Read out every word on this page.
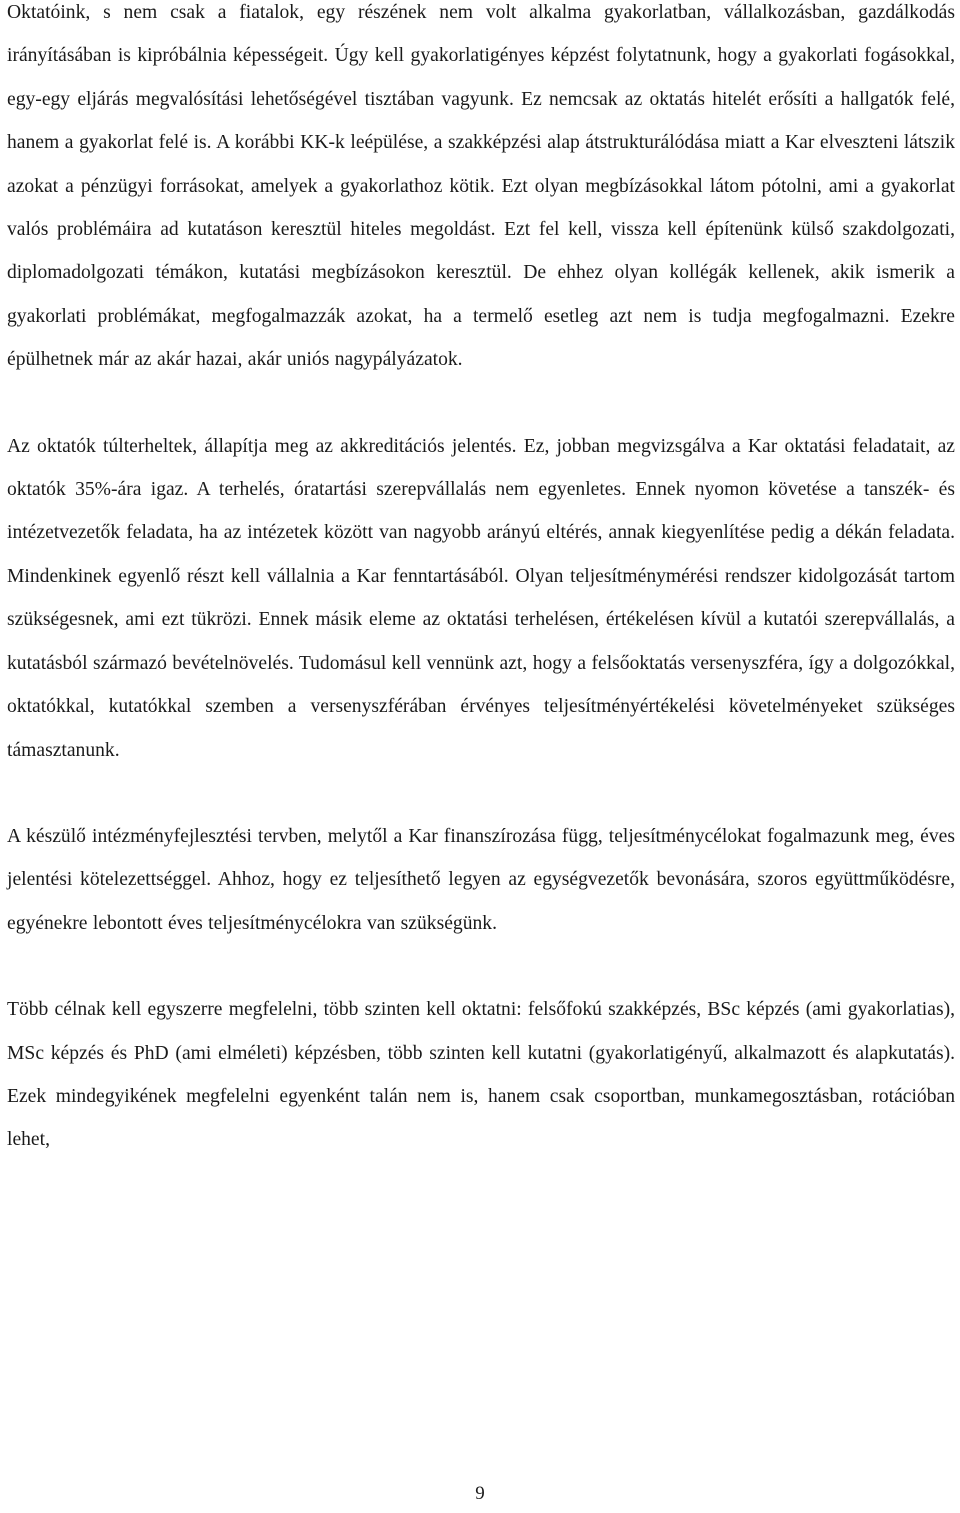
Oktatóink, s nem csak a fiatalok, egy részének nem volt alkalma gyakorlatban, vállalkozásban, gazdálkodás irányításában is kipróbálnia képességeit. Úgy kell gyakorlatigényes képzést folytatnunk, hogy a gyakorlati fogásokkal, egy-egy eljárás megvalósítási lehetőségével tisztában vagyunk. Ez nemcsak az oktatás hitelét erősíti a hallgatók felé, hanem a gyakorlat felé is. A korábbi KK-k leépülése, a szakképzési alap átstrukturálódása miatt a Kar elveszteni látszik azokat a pénzügyi forrásokat, amelyek a gyakorlathoz kötik. Ezt olyan megbízásokkal látom pótolni, ami a gyakorlat valós problémáira ad kutatáson keresztül hiteles megoldást. Ezt fel kell, vissza kell építenünk külső szakdolgozati, diplomadolgozati témákon, kutatási megbízásokon keresztül. De ehhez olyan kollégák kellenek, akik ismerik a gyakorlati problémákat, megfogalmazzák azokat, ha a termelő esetleg azt nem is tudja megfogalmazni. Ezekre épülhetnek már az akár hazai, akár uniós nagypályázatok.

Az oktatók túlterheltek, állapítja meg az akkreditációs jelentés. Ez, jobban megvizsgálva a Kar oktatási feladatait, az oktatók 35%-ára igaz. A terhelés, óratartási szerepvállalás nem egyenletes. Ennek nyomon követése a tanszék- és intézetvezetők feladata, ha az intézetek között van nagyobb arányú eltérés, annak kiegyenlítése pedig a dékán feladata. Mindenkinek egyenlő részt kell vállalnia a Kar fenntartásából. Olyan teljesítménymérési rendszer kidolgozását tartom szükségesnek, ami ezt tükrözi. Ennek másik eleme az oktatási terhelésen, értékelésen kívül a kutatói szerepvállalás, a kutatásból származó bevételnövelés. Tudomásul kell vennünk azt, hogy a felsőoktatás versenyszféra, így a dolgozókkal, oktatókkal, kutatókkal szemben a versenyszférában érvényes teljesítményértékelési követelményeket szükséges támasztanunk.

A készülő intézményfejlesztési tervben, melytől a Kar finanszírozása függ, teljesítménycélokat fogalmazunk meg, éves jelentési kötelezettséggel. Ahhoz, hogy ez teljesíthető legyen az egységvezetők bevonására, szoros együttműködésre, egyénekre lebontott éves teljesítménycélokra van szükségünk.

Több célnak kell egyszerre megfelelni, több szinten kell oktatni: felsőfokú szakképzés, BSc képzés (ami gyakorlatias), MSc képzés és PhD (ami elméleti) képzésben, több szinten kell kutatni (gyakorlatigényű, alkalmazott és alapkutatás). Ezek mindegyikének megfelelni egyenként talán nem is, hanem csak csoportban, munkamegosztásban, rotációban lehet,

9
